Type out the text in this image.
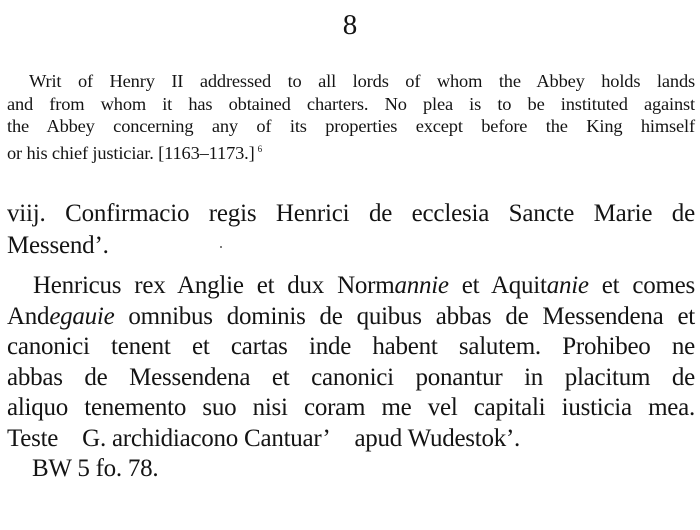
8
Writ of Henry II addressed to all lords of whom the Abbey holds lands
and from whom it has obtained charters. No plea is to be instituted against
the Abbey concerning any of its properties except before the King himself
or his chief justiciar. [1163–1173.] $^6$
viij. Confirmacio regis Henrici de ecclesia Sancte Marie de
Messend’.
Henricus rex Anglie et dux Normannie et Aquitanie et comes
Andegauie omnibus dominis de quibus abbas de Messendena et
canonici tenent et cartas inde habent salutem. Prohibeo ne
abbas de Messendena et canonici ponantur in placitum de
aliquo tenemento suo nisi coram me vel capitali iusticia mea.
Teste G. archidiacono Cantuar’ apud Wudestok’.
BW 5 fo. 78.
